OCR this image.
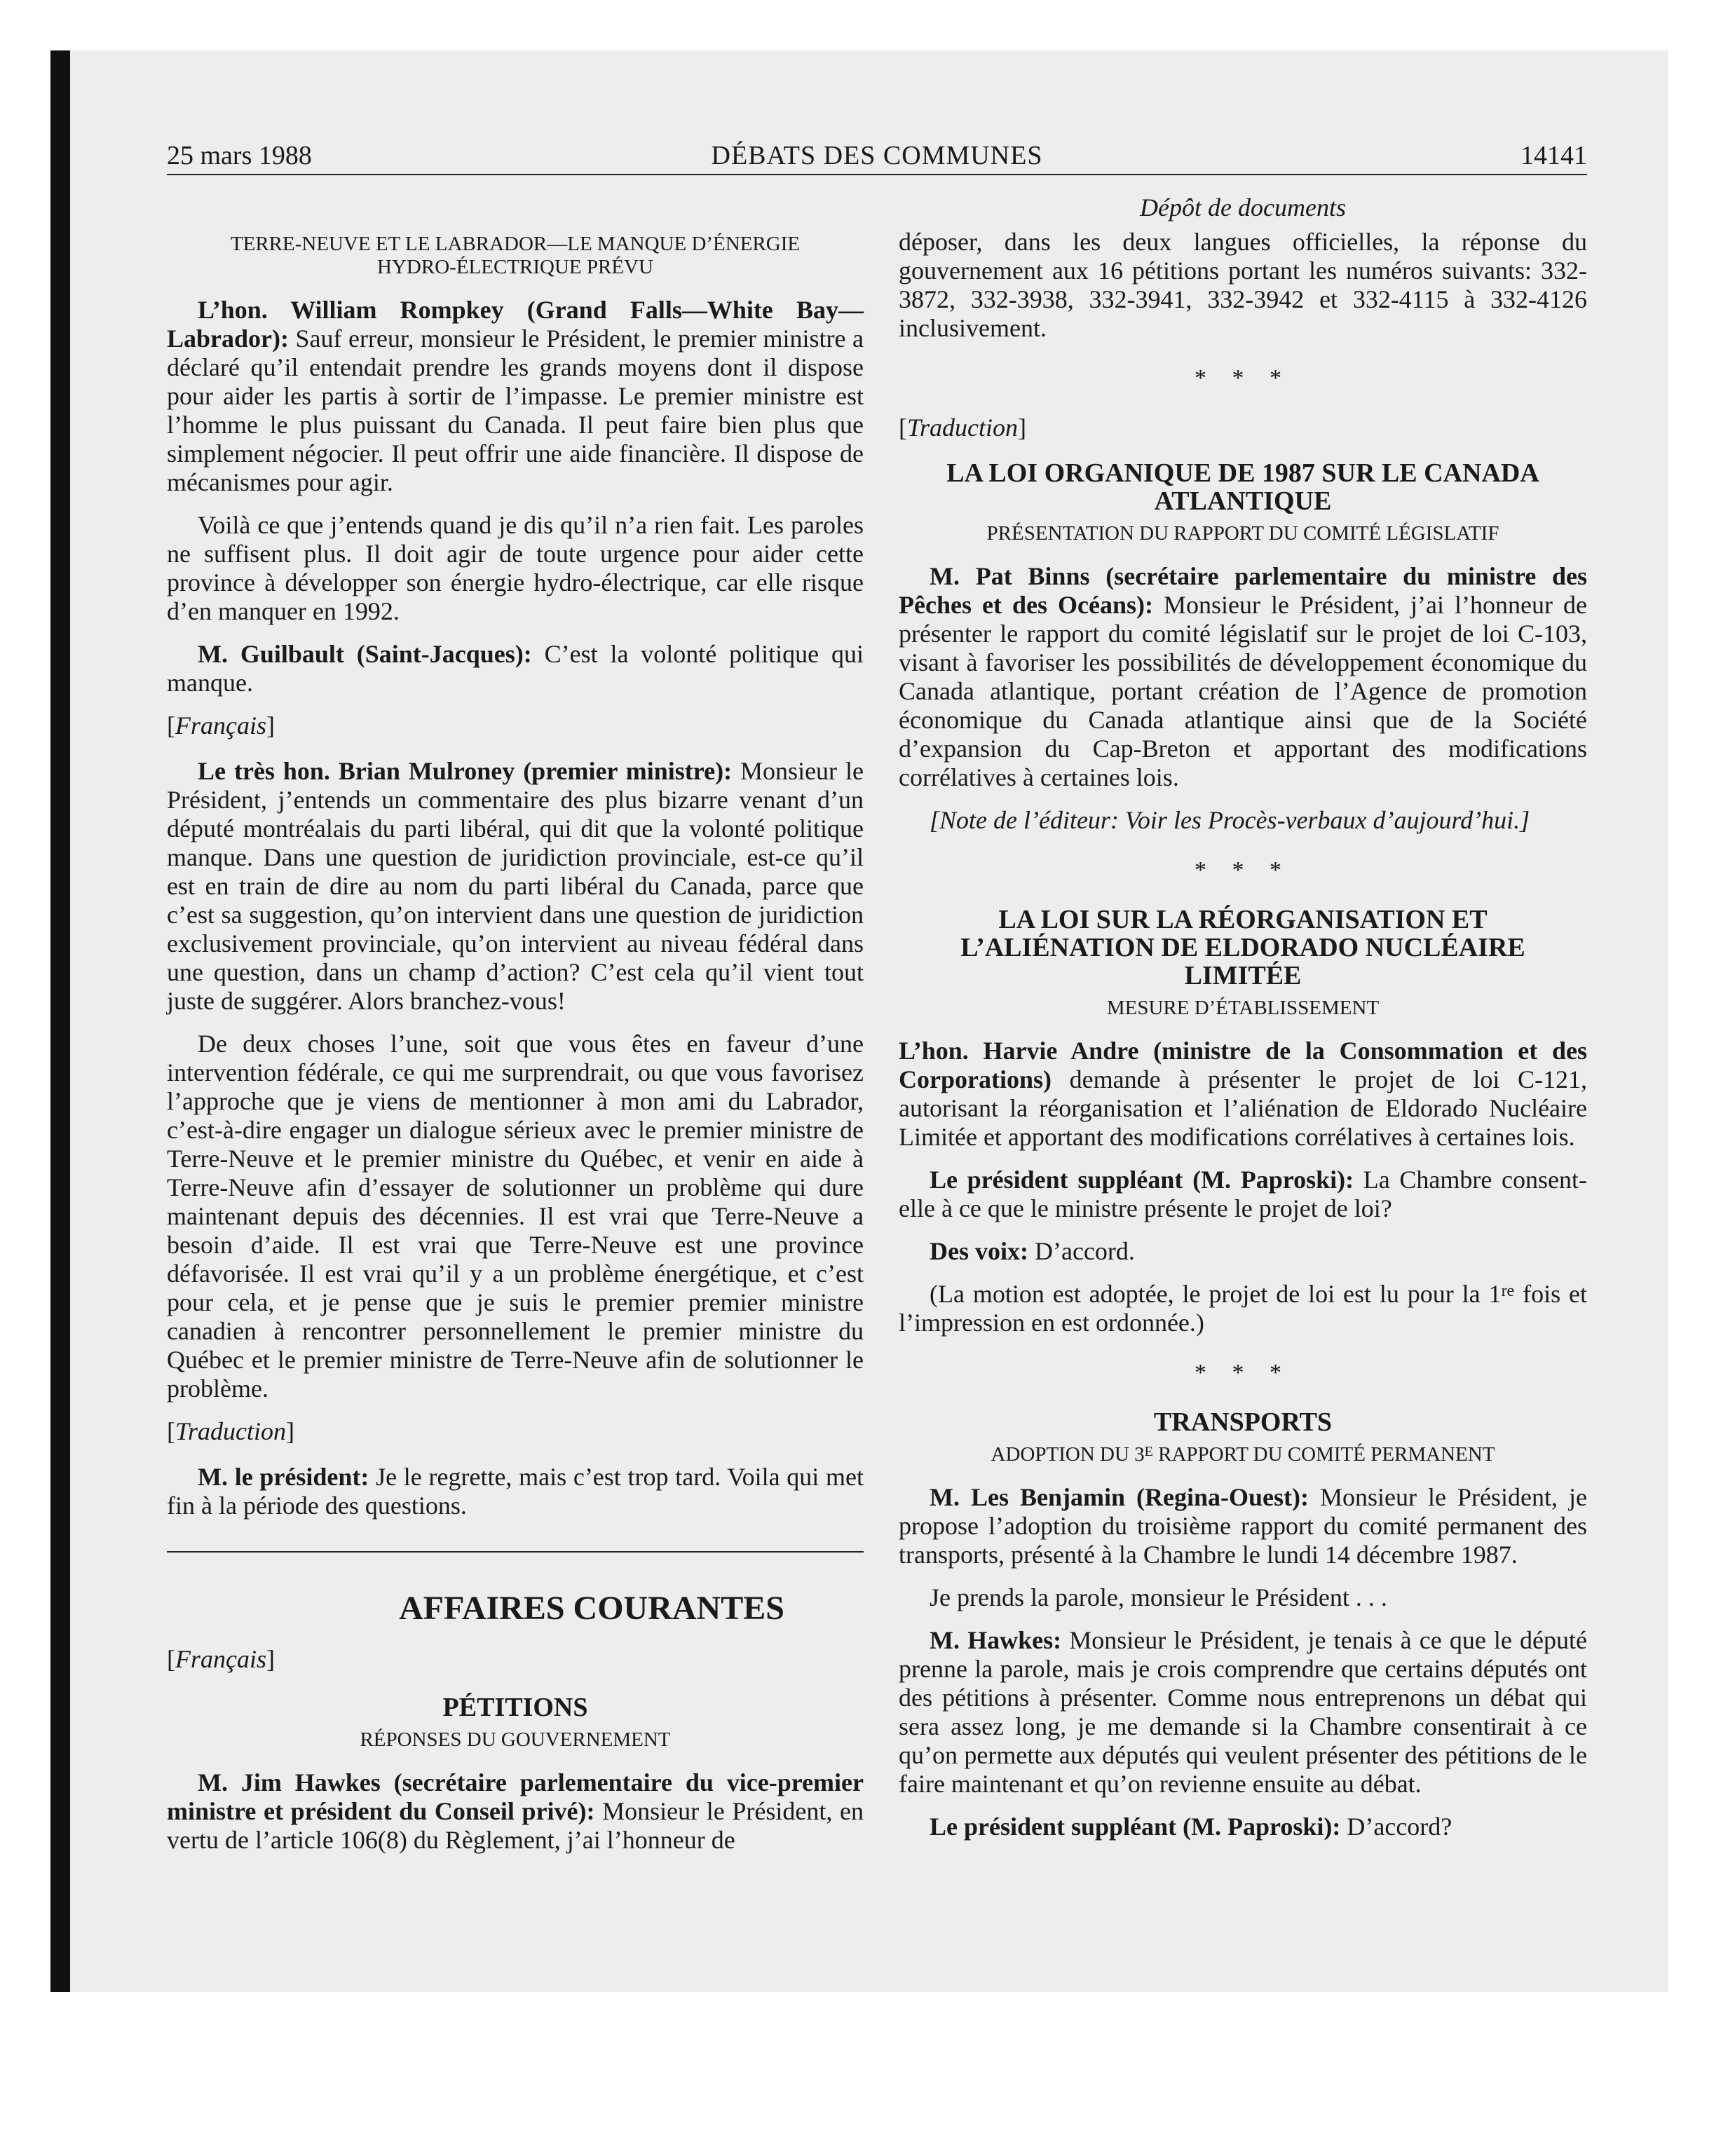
25 mars 1988	DÉBATS DES COMMUNES	14141

TERRE-NEUVE ET LE LABRADOR—LE MANQUE D’ÉNERGIE HYDRO-ÉLECTRIQUE PRÉVU

L’hon. William Rompkey (Grand Falls—White Bay—Labrador): Sauf erreur, monsieur le Président, le premier ministre a déclaré qu’il entendait prendre les grands moyens dont il dispose pour aider les partis à sortir de l’impasse. Le premier ministre est l’homme le plus puissant du Canada. Il peut faire bien plus que simplement négocier. Il peut offrir une aide financière. Il dispose de mécanismes pour agir.

Voilà ce que j’entends quand je dis qu’il n’a rien fait. Les paroles ne suffisent plus. Il doit agir de toute urgence pour aider cette province à développer son énergie hydro-électrique, car elle risque d’en manquer en 1992.

M. Guilbault (Saint-Jacques): C’est la volonté politique qui manque.

[Français]

Le très hon. Brian Mulroney (premier ministre): Monsieur le Président, j’entends un commentaire des plus bizarre venant d’un député montréalais du parti libéral, qui dit que la volonté politique manque. Dans une question de juridiction provinciale, est-ce qu’il est en train de dire au nom du parti libéral du Canada, parce que c’est sa suggestion, qu’on intervient dans une question de juridiction exclusivement provinciale, qu’on intervient au niveau fédéral dans une question, dans un champ d’action? C’est cela qu’il vient tout juste de suggérer. Alors branchez-vous!

De deux choses l’une, soit que vous êtes en faveur d’une intervention fédérale, ce qui me surprendrait, ou que vous favorisez l’approche que je viens de mentionner à mon ami du Labrador, c’est-à-dire engager un dialogue sérieux avec le premier ministre de Terre-Neuve et le premier ministre du Québec, et venir en aide à Terre-Neuve afin d’essayer de solutionner un problème qui dure maintenant depuis des décennies. Il est vrai que Terre-Neuve a besoin d’aide. Il est vrai que Terre-Neuve est une province défavorisée. Il est vrai qu’il y a un problème énergétique, et c’est pour cela, et je pense que je suis le premier premier ministre canadien à rencontrer personnellement le premier ministre du Québec et le premier ministre de Terre-Neuve afin de solutionner le problème.

[Traduction]

M. le président: Je le regrette, mais c’est trop tard. Voila qui met fin à la période des questions.

AFFAIRES COURANTES

[Français]

PÉTITIONS

RÉPONSES DU GOUVERNEMENT

M. Jim Hawkes (secrétaire parlementaire du vice-premier ministre et président du Conseil privé): Monsieur le Président, en vertu de l’article 106(8) du Règlement, j’ai l’honneur de

Dépôt de documents

déposer, dans les deux langues officielles, la réponse du gouvernement aux 16 pétitions portant les numéros suivants: 332-3872, 332-3938, 332-3941, 332-3942 et 332-4115 à 332-4126 inclusivement.

* * *

[Traduction]

LA LOI ORGANIQUE DE 1987 SUR LE CANADA ATLANTIQUE

PRÉSENTATION DU RAPPORT DU COMITÉ LÉGISLATIF

M. Pat Binns (secrétaire parlementaire du ministre des Pêches et des Océans): Monsieur le Président, j’ai l’honneur de présenter le rapport du comité législatif sur le projet de loi C-103, visant à favoriser les possibilités de développement économique du Canada atlantique, portant création de l’Agence de promotion économique du Canada atlantique ainsi que de la Société d’expansion du Cap-Breton et apportant des modifications corrélatives à certaines lois.

[Note de l’éditeur: Voir les Procès-verbaux d’aujourd’hui.]

* * *

LA LOI SUR LA RÉORGANISATION ET L’ALIÉNATION DE ELDORADO NUCLÉAIRE LIMITÉE

MESURE D’ÉTABLISSEMENT

L’hon. Harvie Andre (ministre de la Consommation et des Corporations) demande à présenter le projet de loi C-121, autorisant la réorganisation et l’aliénation de Eldorado Nucléaire Limitée et apportant des modifications corrélatives à certaines lois.

Le président suppléant (M. Paproski): La Chambre consent-elle à ce que le ministre présente le projet de loi?

Des voix: D’accord.

(La motion est adoptée, le projet de loi est lu pour la 1re fois et l’impression en est ordonnée.)

* * *

TRANSPORTS

ADOPTION DU $3^E$ RAPPORT DU COMITÉ PERMANENT

M. Les Benjamin (Regina-Ouest): Monsieur le Président, je propose l’adoption du troisième rapport du comité permanent des transports, présenté à la Chambre le lundi 14 décembre 1987.

Je prends la parole, monsieur le Président . . .

M. Hawkes: Monsieur le Président, je tenais à ce que le député prenne la parole, mais je crois comprendre que certains députés ont des pétitions à présenter. Comme nous entreprenons un débat qui sera assez long, je me demande si la Chambre consentirait à ce qu’on permette aux députés qui veulent présenter des pétitions de le faire maintenant et qu’on revienne ensuite au débat.

Le président suppléant (M. Paproski): D’accord?
